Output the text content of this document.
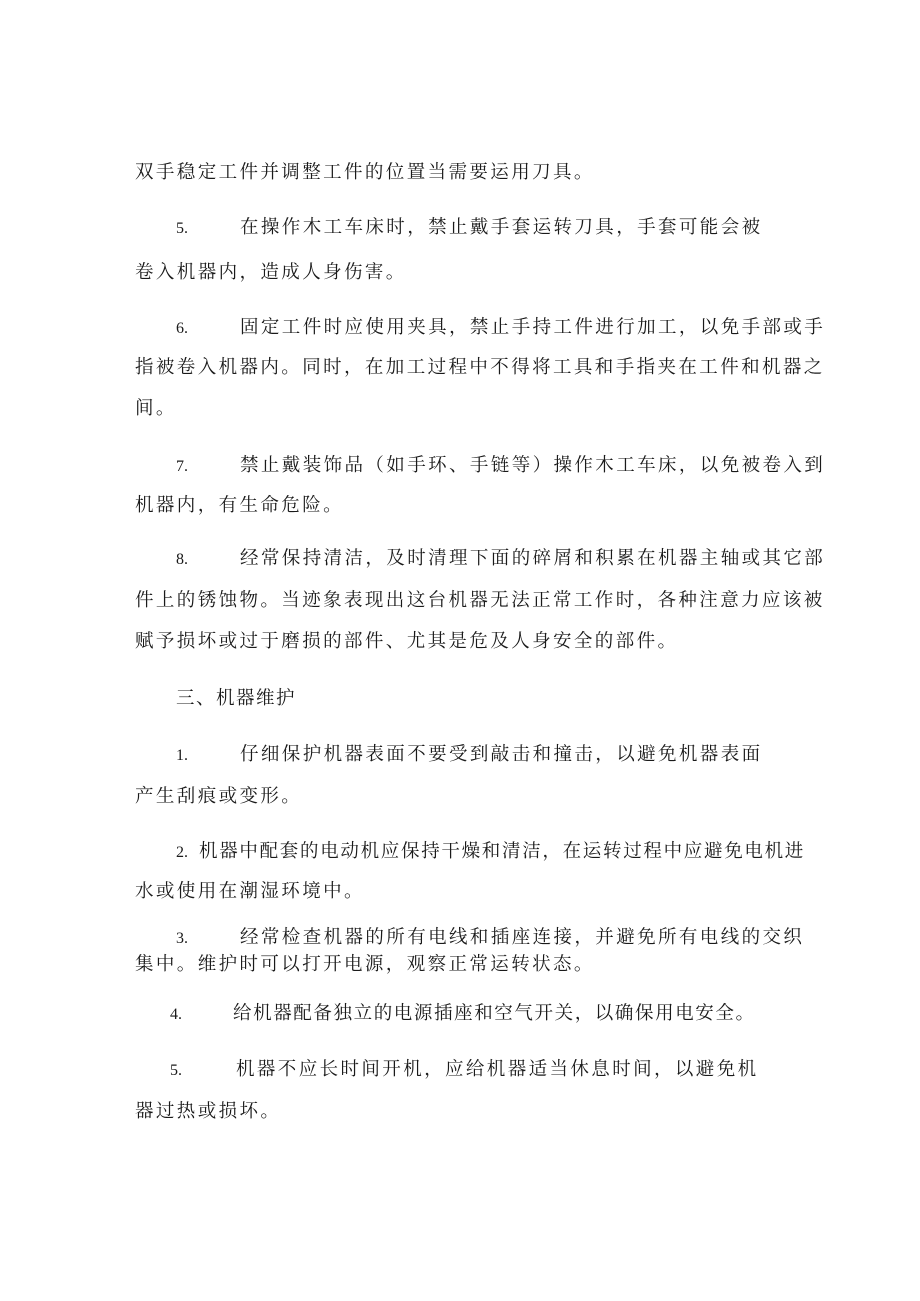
双手稳定工件并调整工件的位置当需要运用刀具。
5.	在操作木工车床时，禁止戴手套运转刀具，手套可能会被
卷入机器内，造成人身伤害。
6.	固定工件时应使用夹具，禁止手持工件进行加工，以免手部或手
指被卷入机器内。同时，在加工过程中不得将工具和手指夹在工件和机器之
间。
7.	禁止戴装饰品（如手环、手链等）操作木工车床，以免被卷入到
机器内，有生命危险。
8.	经常保持清洁，及时清理下面的碎屑和积累在机器主轴或其它部
件上的锈蚀物。当迹象表现出这台机器无法正常工作时，各种注意力应该被
赋予损坏或过于磨损的部件、尤其是危及人身安全的部件。
三、机器维护
1.	仔细保护机器表面不要受到敲击和撞击，以避免机器表面
产生刮痕或变形。
2. 机器中配套的电动机应保持干燥和清洁，在运转过程中应避免电机进
水或使用在潮湿环境中。
3.	经常检查机器的所有电线和插座连接，并避免所有电线的交织
集中。维护时可以打开电源，观察正常运转状态。
4.	给机器配备独立的电源插座和空气开关，以确保用电安全。
5.	机器不应长时间开机，应给机器适当休息时间，以避免机
器过热或损坏。
